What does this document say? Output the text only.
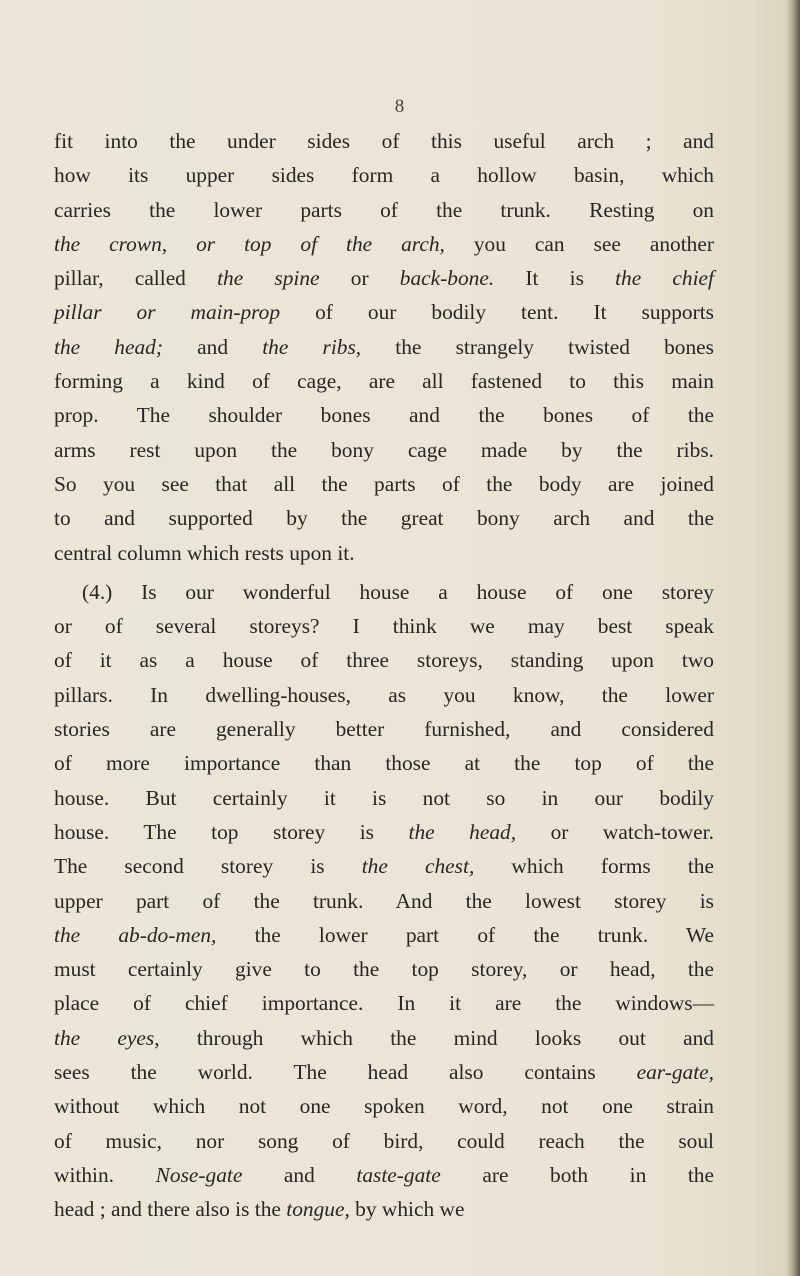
8
fit into the under sides of this useful arch ; and
how its upper sides form a hollow basin, which
carries the lower parts of the trunk. Resting on
the crown, or top of the arch, you can see another
pillar, called the spine or back-bone. It is the chief
pillar or main-prop of our bodily tent. It supports
the head; and the ribs, the strangely twisted bones
forming a kind of cage, are all fastened to this main
prop. The shoulder bones and the bones of the
arms rest upon the bony cage made by the ribs.
So you see that all the parts of the body are joined
to and supported by the great bony arch and the
central column which rests upon it.
(4.) Is our wonderful house a house of one storey
or of several storeys? I think we may best speak
of it as a house of three storeys, standing upon two
pillars. In dwelling-houses, as you know, the lower
stories are generally better furnished, and considered
of more importance than those at the top of the
house. But certainly it is not so in our bodily
house. The top storey is the head, or watch-tower.
The second storey is the chest, which forms the
upper part of the trunk. And the lowest storey is
the ab-do-men, the lower part of the trunk. We
must certainly give to the top storey, or head, the
place of chief importance. In it are the windows—
the eyes, through which the mind looks out and
sees the world. The head also contains ear-gate,
without which not one spoken word, not one strain
of music, nor song of bird, could reach the soul
within. Nose-gate and taste-gate are both in the
head ; and there also is the tongue, by which we
